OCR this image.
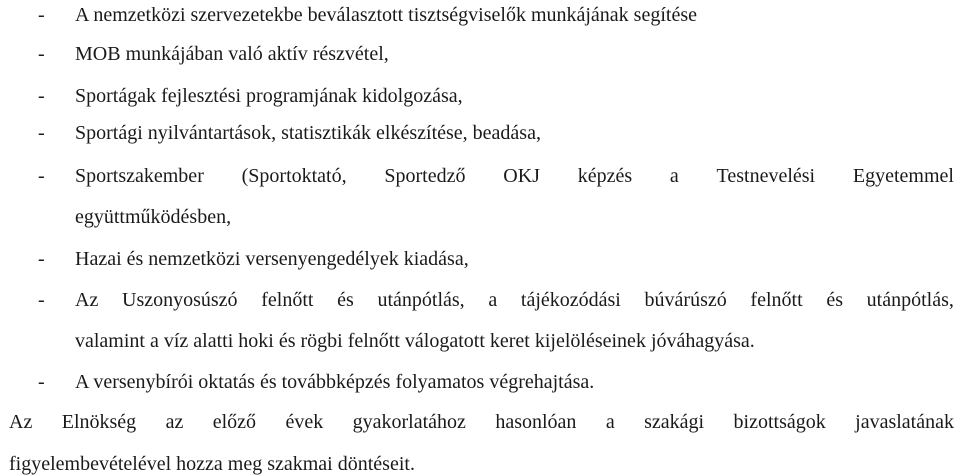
- A nemzetközi szervezetekbe beválasztott tisztségviselők munkájának segítése
- MOB munkájában való aktív részvétel,
- Sportágak fejlesztési programjának kidolgozása,
- Sportági nyilvántartások, statisztikák elkészítése, beadása,
- Sportszakember (Sportoktató, Sportedző OKJ képzés a Testnevelési Egyetemmel
együttműködésben,
- Hazai és nemzetközi versenyengedélyek kiadása,
- Az Uszonyosúszó felnőtt és utánpótlás, a tájékozódási búvárúszó felnőtt és utánpótlás,
valamint a víz alatti hoki és rögbi felnőtt válogatott keret kijelöléseinek jóváhagyása.
- A versenybírói oktatás és továbbképzés folyamatos végrehajtása.
Az Elnökség az előző évek gyakorlatához hasonlóan a szakági bizottságok javaslatának
figyelembevételével hozza meg szakmai döntéseit.
